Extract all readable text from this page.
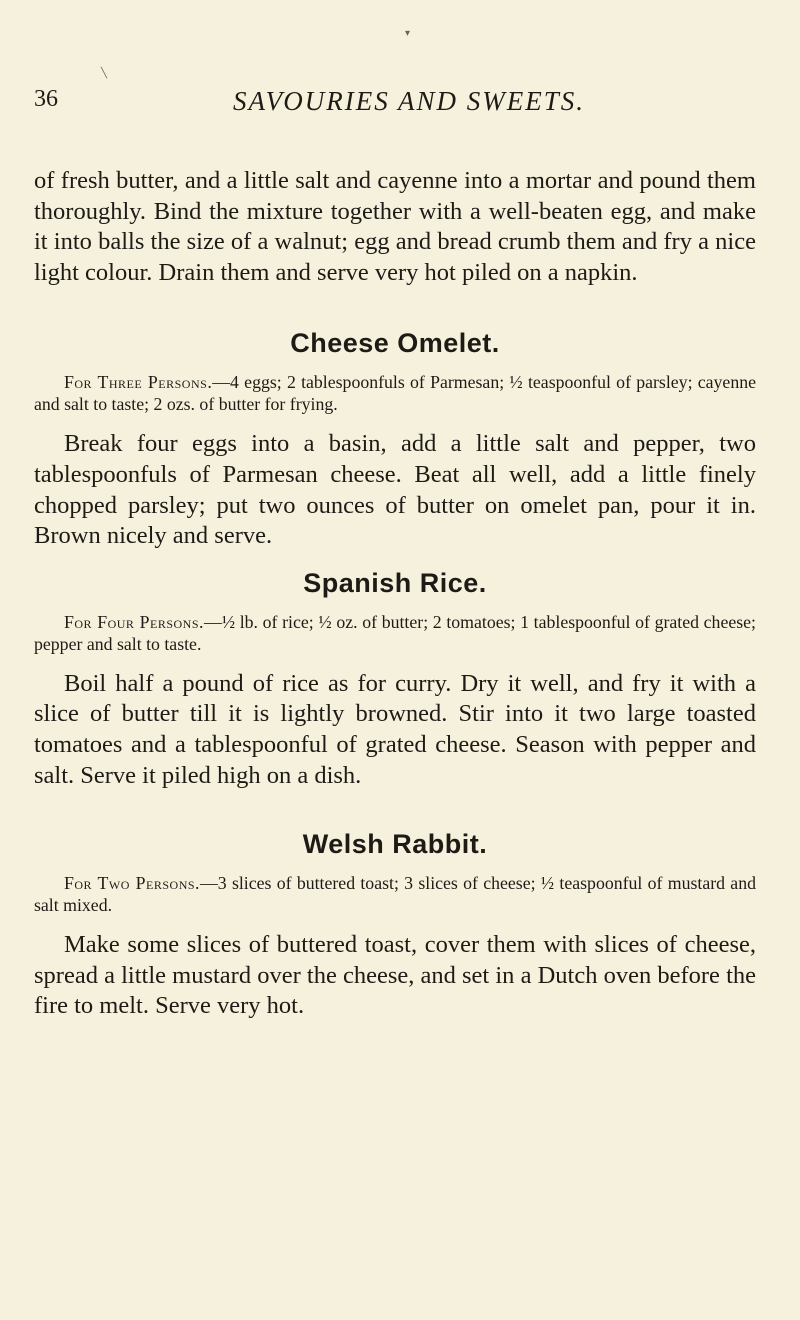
▾
╲
36	SAVOURIES AND SWEETS.

of fresh butter, and a little salt and cayenne into a mortar and pound them thoroughly. Bind the mixture together with a well-beaten egg, and make it into balls the size of a walnut; egg and bread crumb them and fry a nice light colour. Drain them and serve very hot piled on a napkin.

Cheese Omelet.

For Three Persons.—4 eggs; 2 tablespoonfuls of Parmesan; ½ teaspoonful of parsley; cayenne and salt to taste; 2 ozs. of butter for frying.

Break four eggs into a basin, add a little salt and pepper, two tablespoonfuls of Parmesan cheese. Beat all well, add a little finely chopped parsley; put two ounces of butter on omelet pan, pour it in. Brown nicely and serve.

Spanish Rice.

For Four Persons.—½ lb. of rice; ½ oz. of butter; 2 tomatoes; 1 tablespoonful of grated cheese; pepper and salt to taste.

Boil half a pound of rice as for curry. Dry it well, and fry it with a slice of butter till it is lightly browned. Stir into it two large toasted tomatoes and a tablespoonful of grated cheese. Season with pepper and salt. Serve it piled high on a dish.

Welsh Rabbit.

For Two Persons.—3 slices of buttered toast; 3 slices of cheese; ½ teaspoonful of mustard and salt mixed.

Make some slices of buttered toast, cover them with slices of cheese, spread a little mustard over the cheese, and set in a Dutch oven before the fire to melt. Serve very hot.
